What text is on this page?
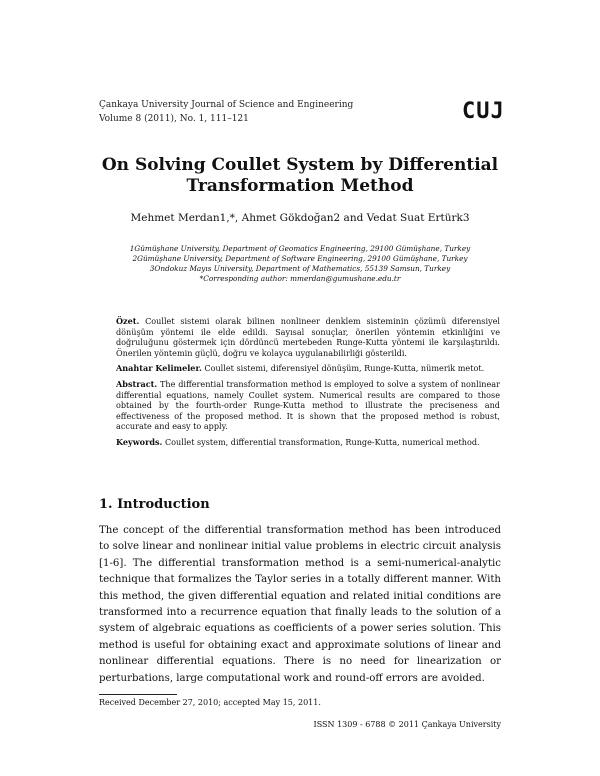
Çankaya University Journal of Science and Engineering
Volume 8 (2011), No. 1, 111–121	CUJ
On Solving Coullet System by Differential
Transformation Method
Mehmet Merdan1,*, Ahmet Gökdoğan2 and Vedat Suat Ertürk3
1Gümüşhane University, Department of Geomatics Engineering, 29100 Gümüşhane, Turkey
2Gümüşhane University, Department of Software Engineering, 29100 Gümüşhane, Turkey
3Ondokuz Mayıs University, Department of Mathematics, 55139 Samsun, Turkey
*Corresponding author: mmerdan@gumushane.edu.tr

Özet. Coullet sistemi olarak bilinen nonlineer denklem sisteminin çözümü diferensiyel dönüşüm yöntemi ile elde edildi. Sayısal sonuçlar, önerilen yöntemin etkinliğini ve doğruluğunu göstermek için dördüncü mertebeden Runge-Kutta yöntemi ile karşılaştırıldı. Önerilen yöntemin güçlü, doğru ve kolayca uygulanabilirliği gösterildi.

Anahtar Kelimeler. Coullet sistemi, diferensiyel dönüşüm, Runge-Kutta, nümerik metot.

Abstract. The differential transformation method is employed to solve a system of nonlinear differential equations, namely Coullet system. Numerical results are compared to those obtained by the fourth-order Runge-Kutta method to illustrate the preciseness and effectiveness of the proposed method. It is shown that the proposed method is robust, accurate and easy to apply.

Keywords. Coullet system, differential transformation, Runge-Kutta, numerical method.

1. Introduction
The concept of the differential transformation method has been introduced to solve linear and nonlinear initial value problems in electric circuit analysis [1-6]. The differential transformation method is a semi-numerical-analytic technique that formalizes the Taylor series in a totally different manner. With this method, the given differential equation and related initial conditions are transformed into a recurrence equation that finally leads to the solution of a system of algebraic equations as coefficients of a power series solution. This method is useful for obtaining exact and approximate solutions of linear and nonlinear differential equations. There is no need for linearization or perturbations, large computational work and round-off errors are avoided.
Received December 27, 2010; accepted May 15, 2011.
ISSN 1309 - 6788 © 2011 Çankaya University
